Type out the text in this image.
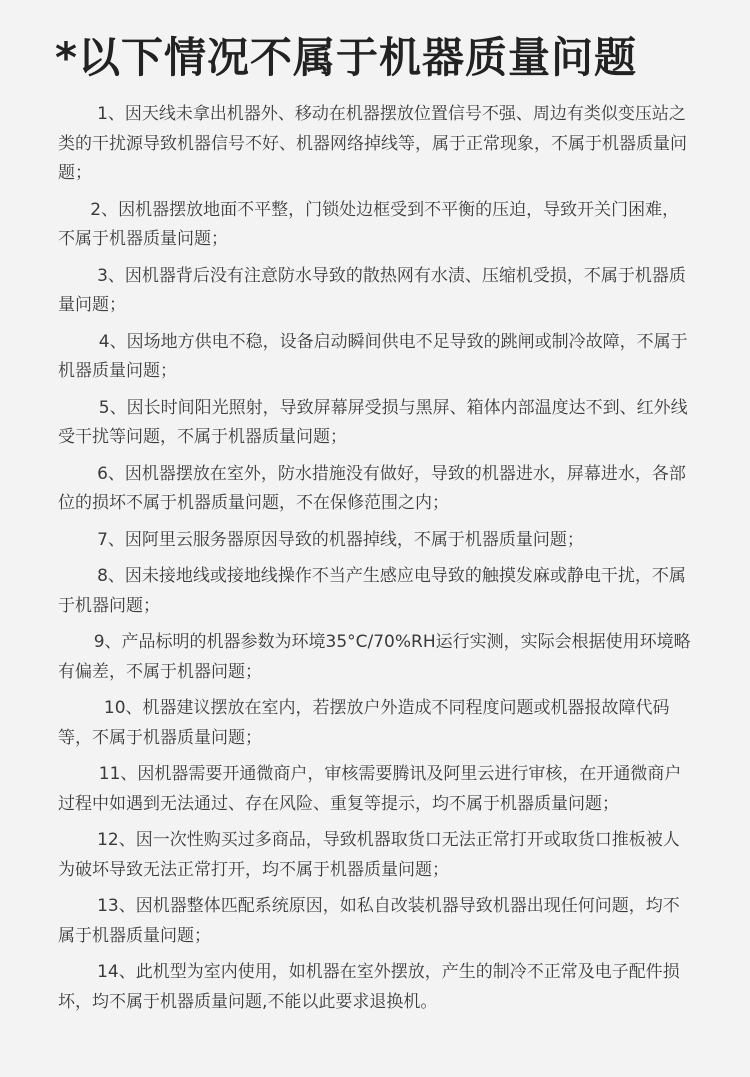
*以下情况不属于机器质量问题
1、因天线未拿出机器外、移动在机器摆放位置信号不强、周边有类似变压站之类的干扰源导致机器信号不好、机器网络掉线等，属于正常现象，不属于机器质量问题；
2、因机器摆放地面不平整，门锁处边框受到不平衡的压迫，导致开关门困难，不属于机器质量问题；
3、因机器背后没有注意防水导致的散热网有水渍、压缩机受损，不属于机器质量问题；
4、因场地方供电不稳，设备启动瞬间供电不足导致的跳闸或制冷故障，不属于机器质量问题；
5、因长时间阳光照射，导致屏幕屏受损与黑屏、箱体内部温度达不到、红外线受干扰等问题，不属于机器质量问题；
6、因机器摆放在室外，防水措施没有做好，导致的机器进水，屏幕进水，各部位的损坏不属于机器质量问题，不在保修范围之内；
7、因阿里云服务器原因导致的机器掉线，不属于机器质量问题；
8、因未接地线或接地线操作不当产生感应电导致的触摸发麻或静电干扰，不属于机器问题；
9、产品标明的机器参数为环境35°C/70%RH运行实测，实际会根据使用环境略有偏差，不属于机器问题；
10、机器建议摆放在室内，若摆放户外造成不同程度问题或机器报故障代码等，不属于机器质量问题；
11、因机器需要开通微商户，审核需要腾讯及阿里云进行审核，在开通微商户过程中如遇到无法通过、存在风险、重复等提示，均不属于机器质量问题；
12、因一次性购买过多商品，导致机器取货口无法正常打开或取货口推板被人为破坏导致无法正常打开，均不属于机器质量问题；
13、因机器整体匹配系统原因，如私自改装机器导致机器出现任何问题，均不属于机器质量问题；
14、此机型为室内使用，如机器在室外摆放，产生的制冷不正常及电子配件损坏，均不属于机器质量问题,不能以此要求退换机。
